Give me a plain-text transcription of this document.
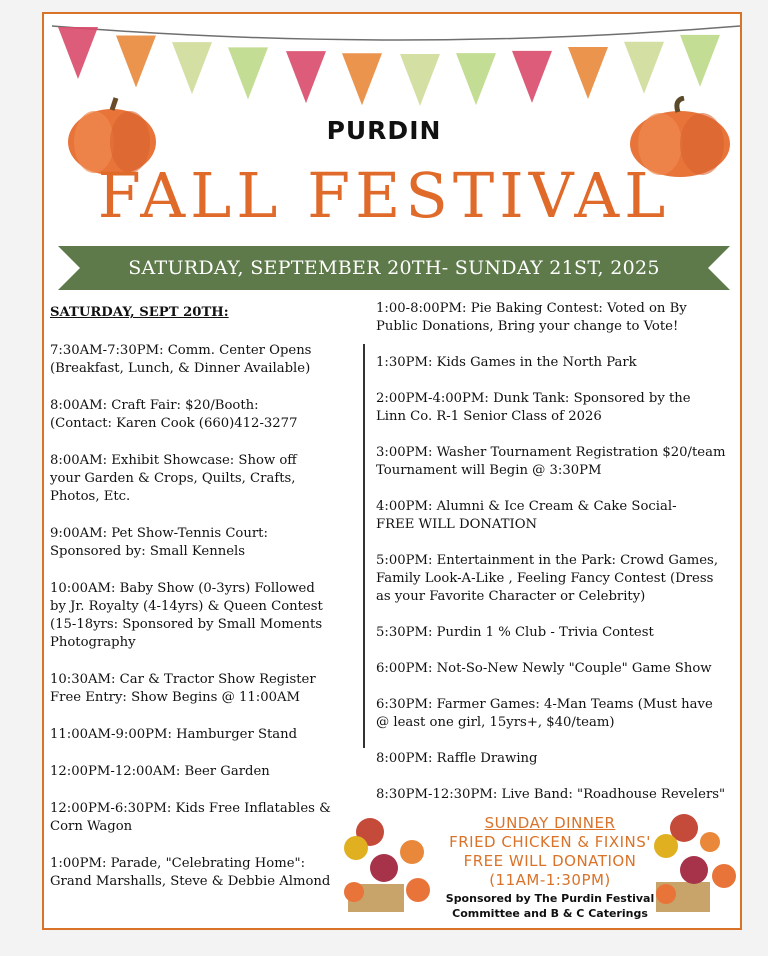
PURDIN
FALL FESTIVAL
SATURDAY, SEPTEMBER 20TH- SUNDAY 21ST, 2025
SATURDAY, SEPT 20TH:
7:30AM-7:30PM: Comm. Center Opens
(Breakfast, Lunch, & Dinner Available)
8:00AM: Craft Fair: $20/Booth:
(Contact: Karen Cook (660)412-3277
8:00AM: Exhibit Showcase: Show off
your Garden & Crops, Quilts, Crafts,
Photos, Etc.
9:00AM: Pet Show-Tennis Court:
Sponsored by: Small Kennels
10:00AM: Baby Show (0-3yrs) Followed
by Jr. Royalty (4-14yrs) & Queen Contest
(15-18yrs: Sponsored by Small Moments
Photography
10:30AM: Car & Tractor Show Register
Free Entry: Show Begins @ 11:00AM
11:00AM-9:00PM: Hamburger Stand
12:00PM-12:00AM: Beer Garden
12:00PM-6:30PM: Kids Free Inflatables &
Corn Wagon
1:00PM: Parade, "Celebrating Home":
Grand Marshalls, Steve & Debbie Almond
1:00-8:00PM: Pie Baking Contest: Voted on By
Public Donations, Bring your change to Vote!
1:30PM: Kids Games in the North Park
2:00PM-4:00PM: Dunk Tank: Sponsored by the
Linn Co. R-1 Senior Class of 2026
3:00PM: Washer Tournament Registration $20/team
Tournament will Begin @ 3:30PM
4:00PM: Alumni & Ice Cream & Cake Social-
FREE WILL DONATION
5:00PM: Entertainment in the Park: Crowd Games,
Family Look-A-Like , Feeling Fancy Contest (Dress
as your Favorite Character or Celebrity)
5:30PM: Purdin 1 % Club - Trivia Contest
6:00PM: Not-So-New Newly "Couple" Game Show
6:30PM: Farmer Games: 4-Man Teams (Must have
@ least one girl, 15yrs+, $40/team)
8:00PM: Raffle Drawing
8:30PM-12:30PM: Live Band: "Roadhouse Revelers"
SUNDAY DINNER
FRIED CHICKEN & FIXINS'
FREE WILL DONATION
(11AM-1:30PM)
Sponsored by The Purdin Festival
Committee and B & C Caterings
